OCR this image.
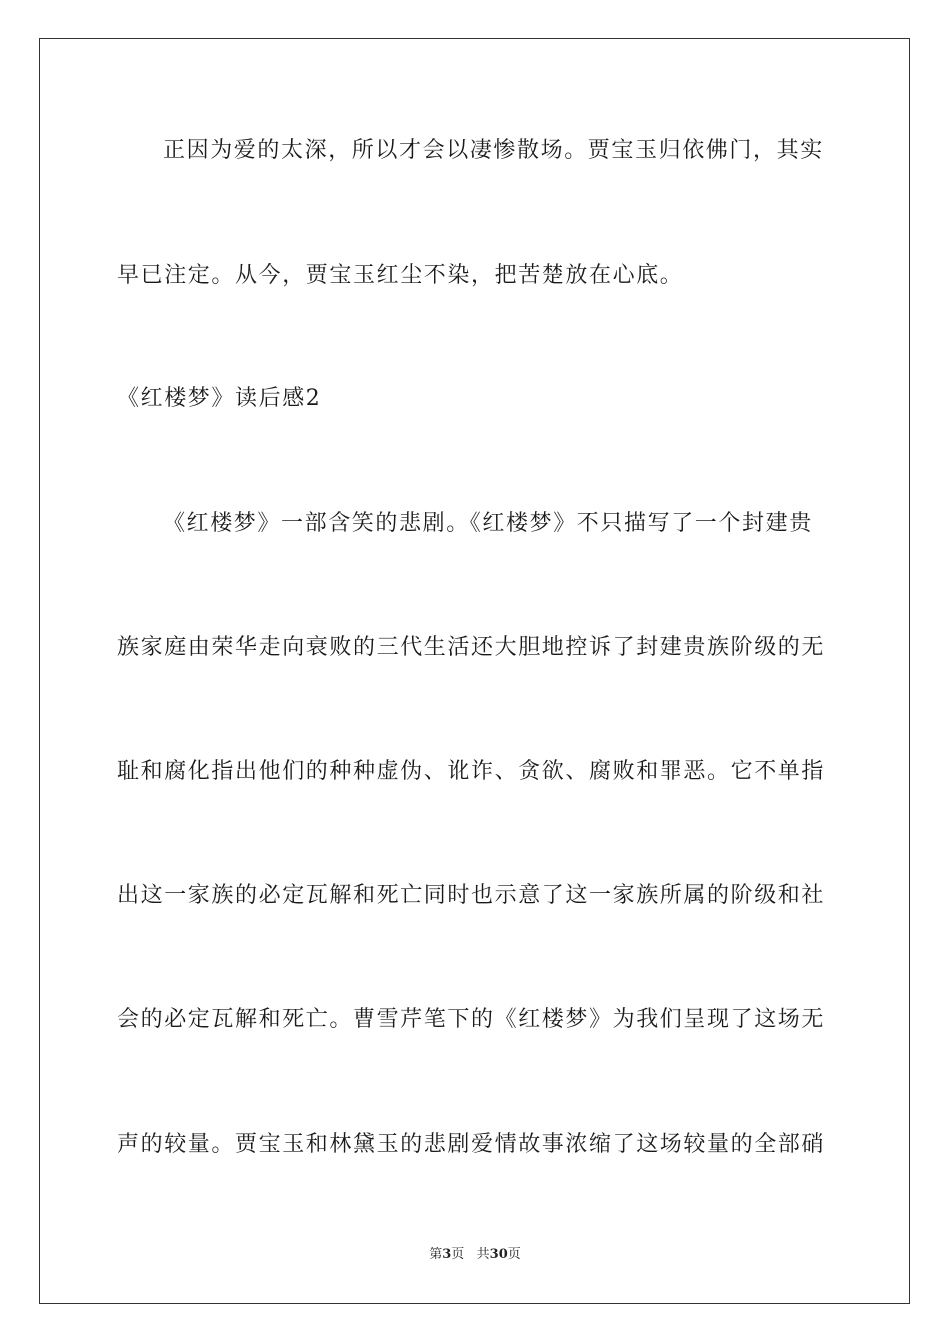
正因为爱的太深，所以才会以凄惨散场。贾宝玉归依佛门，其实
早已注定。从今，贾宝玉红尘不染，把苦楚放在心底。
《红楼梦》读后感2
《红楼梦》一部含笑的悲剧。《红楼梦》不只描写了一个封建贵
族家庭由荣华走向衰败的三代生活还大胆地控诉了封建贵族阶级的无
耻和腐化指出他们的种种虚伪、讹诈、贪欲、腐败和罪恶。它不单指
出这一家族的必定瓦解和死亡同时也示意了这一家族所属的阶级和社
会的必定瓦解和死亡。曹雪芹笔下的《红楼梦》为我们呈现了这场无
声的较量。贾宝玉和林黛玉的悲剧爱情故事浓缩了这场较量的全部硝
第3页   共30页
